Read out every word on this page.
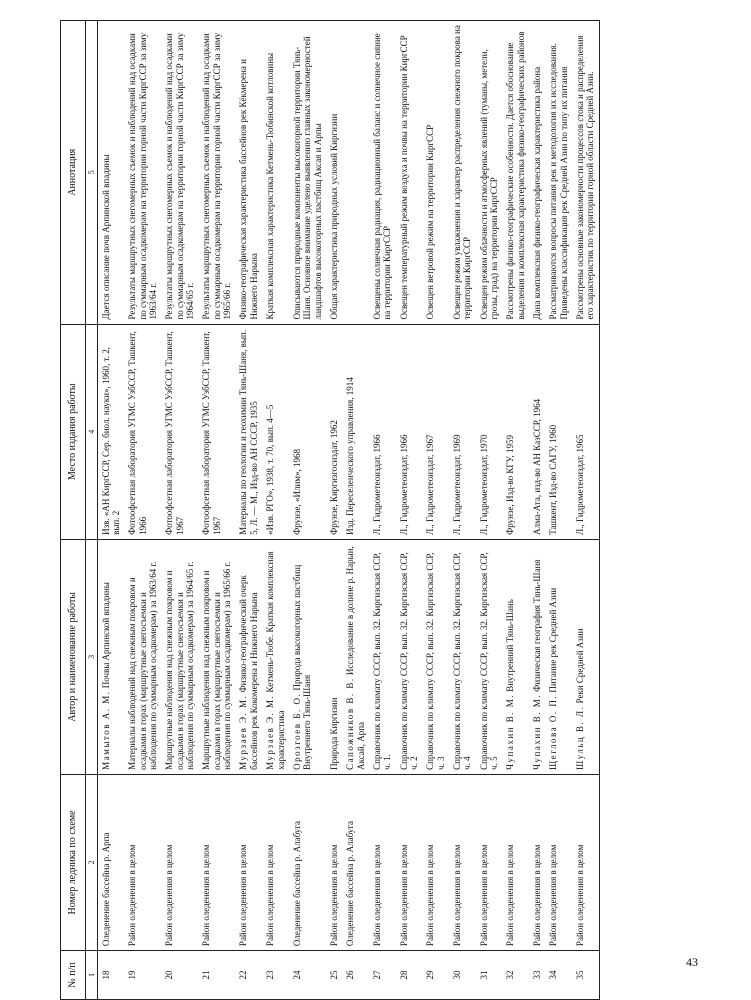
№ п/п	Номер ледника по схеме	Автор и наименование работы	Место издания работы	Аннотация
1	2	3	4	5
18	Оледенение бассейна р. Арпа	Мамытов А. М. Почвы Арпинской впадины	Изв. «АН КиргССР, Сер. биол. науки», 1960, т. 2, вып. 2	Дается описание почв Арпинской впадины
19	Район оледенения в целом	Материалы наблюдений над снежным покровом и осадками в горах (маршрутные снегосъемки и наблюдения по суммарным осадкомерам) за 1963/64 г.	Фотоофсетная лаборатория УГМС УзбССР, Ташкент, 1966	Результаты маршрутных снегомерных съемок и наблюдений над осадками по суммарным осадкомерам на территории горной части КиргССР за зиму 1963/64 г.
20	Район оледенения в целом	Маршрутные наблюдения над снежным покровом и осадками в горах (маршрутные снегосъемки и наблюдения по суммарным осадкомерам) за 1964/65 г.	Фотоофсетная лаборатория УГМС УзбССР, Ташкент, 1967	Результаты маршрутных снегомерных съемок и наблюдений над осадками по суммарным осадкомерам на территории горной части КиргССР за зиму 1964/65 г.
21	Район оледенения в целом	Маршрутные наблюдения над снежным покровом и осадками в горах (маршрутные снегосъемки и наблюдения по суммарным осадкомерам) за 1965/66 г.	Фотоофсетная лаборатория УГМС УзбССР, Ташкент, 1967	Результаты маршрутных снегомерных съемок и наблюдений над осадками по суммарным осадкомерам на территории горной части КиргССР за зиму 1965/66 г.
22	Район оледенения в целом	Мурзаев Э. М. Физико-географический очерк бассейнов рек Кокомерена и Нижнего Нарына	Материалы по геологии и геохимии Тянь-Шаня, вып. 5, Л. — М., Изд-во АН СССР, 1935	Физико-географическая характеристика бассейнов рек Кёкмерена и Нижнего Нарына
23	Район оледенения в целом	Мурзаев Э. М. Кетмень-Тюбе. Краткая комплексная характеристика	«Изв. РГО», 1938, т. 70, вып. 4—5	Краткая комплексная характеристика Кетмень-Тюбинской котловины
24	Оледенение бассейна р. Алабуга	Орозгоев Б. О. Природа высокогорных пастбищ Внутреннего Тянь-Шаня	Фрунзе, «Илим», 1968	Описываются природные компоненты высокогорной территории Тянь-Шаня. Основное внимание уделено выявлению главных закономерностей ландшафтов высокогорных пастбищ Аксая и Арпы
25	Район оледенения в целом	Природа Киргизии	Фрунзе, Киргизгосиздат, 1962	Общая характеристика природных условий Киргизии
26	Оледенение бассейна р. Алабуга	Сапожников В. В. Исследование в долине р. Нарын, Аксай, Арпа	Изд. Переселенческого управления, 1914	
27	Район оледенения в целом	Справочник по климату СССР, вып. 32. Киргизская ССР, ч. 1.	Л., Гидрометеоиздат, 1966	Освещены солнечная радиация, радиационный баланс и солнечное сияние на территории КиргССР
28	Район оледенения в целом	Справочник по климату СССР, вып. 32. Киргизская ССР, ч. 2	Л., Гидрометеоиздат, 1966	Освещен температурный режим воздуха и почвы на территории КиргССР
29	Район оледенения в целом	Справочник по климату СССР, вып. 32. Киргизская ССР, ч. 3	Л., Гидрометеоиздат, 1967	Освещен ветровой режим на территории КиргССР
30	Район оледенения в целом	Справочник по климату СССР, вып. 32. Киргизская ССР, ч. 4	Л., Гидрометеоиздат, 1969	Освещен режим увлажнения и характер распределения снежного покрова на территории КиргССР
31	Район оледенения в целом	Справочник по климату СССР, вып. 32. Киргизская ССР, ч. 5	Л., Гидрометеоиздат, 1970	Освещен режим облачности и атмосферных явлений (туманы, метели, грозы, град) на территории КиргССР
32	Район оледенения в целом	Чупахин В. М. Внутренний Тянь-Шань	Фрунзе, Изд-во КГУ, 1959	Рассмотрены физико-географические особенности. Дается обоснование выделения и комплексная характеристика физико-географических районов
33	Район оледенения в целом	Чупахин В. М. Физическая география Тянь-Шаня	Алма-Ата, изд-во АН КазССР, 1964	Дана комплексная физико-географическая характеристика района
34	Район оледенения в целом	Щеглова О. П. Питание рек Средней Азии	Ташкент, Изд-во САГУ, 1960	Рассматриваются вопросы питания рек и методология их исследования. Приведены классификация рек Средней Азии по типу их питания
35	Район оледенения в целом	Шульц В. Л. Реки Средней Азии	Л., Гидрометеоиздат, 1965	Рассмотрены основные закономерности процессов стока и распределения его характеристик по территории горной области Средней Азии.
43
